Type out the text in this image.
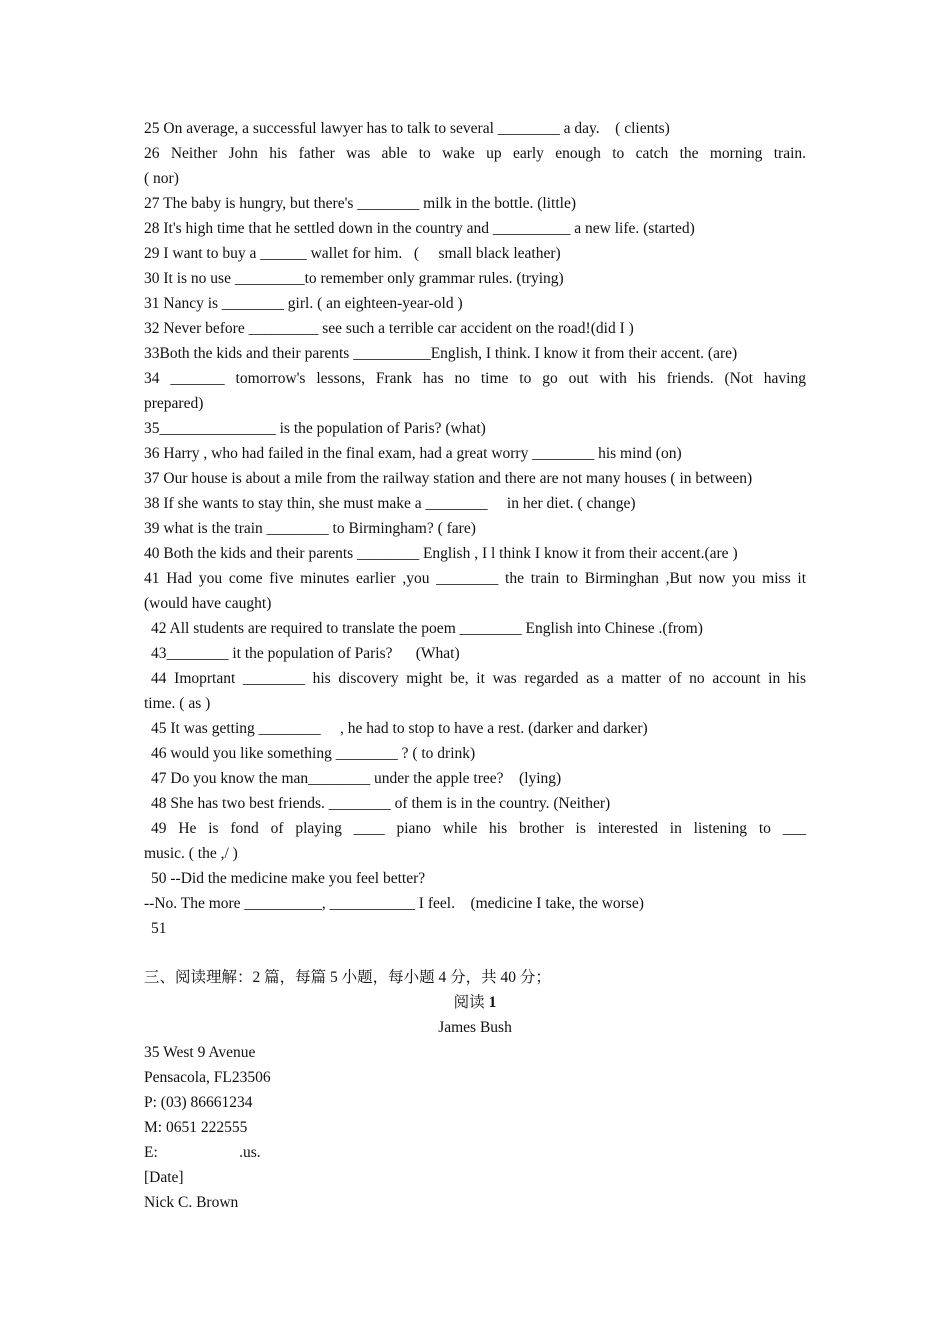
25 On average, a successful lawyer has to talk to several ________ a day.    ( clients)
26 Neither John his father was able to wake up early enough to catch the morning train.
( nor)
27 The baby is hungry, but there's ________ milk in the bottle. (little)
28 It's high time that he settled down in the country and __________ a new life. (started)
29 I want to buy a ______ wallet for him.   (     small black leather)
30 It is no use _________to remember only grammar rules. (trying)
31 Nancy is ________ girl. ( an eighteen-year-old )
32 Never before _________ see such a terrible car accident on the road!(did I )
33Both the kids and their parents __________English, I think. I know it from their accent. (are)
34 _______ tomorrow's lessons, Frank has no time to go out with his friends. (Not having
prepared)
35_______________ is the population of Paris? (what)
36 Harry , who had failed in the final exam, had a great worry ________ his mind (on)
37 Our house is about a mile from the railway station and there are not many houses ( in between)
38 If she wants to stay thin, she must make a ________     in her diet. ( change)
39 what is the train ________ to Birmingham? ( fare)
40 Both the kids and their parents ________ English , I l think I know it from their accent.(are )
41 Had you come five minutes earlier ,you ________ the train to Birminghan ,But now you miss it
(would have caught)
42 All students are required to translate the poem ________ English into Chinese .(from)
43________ it the population of Paris?      (What)
44 Imoprtant ________ his discovery might be, it was regarded as a matter of no account in his
time. ( as )
45 It was getting ________     , he had to stop to have a rest. (darker and darker)
46 would you like something ________ ? ( to drink)
47 Do you know the man________ under the apple tree?    (lying)
48 She has two best friends. ________ of them is in the country. (Neither)
49 He is fond of playing ____ piano while his brother is interested in listening to ___
music. ( the ,/ )
50 --Did the medicine make you feel better?
--No. The more __________, ___________ I feel.    (medicine I take, the worse)
51
三、阅读理解：2 篇，每篇 5 小题，每小题 4 分，共 40 分；
阅读 1
James Bush
35 West 9 Avenue
Pensacola, FL23506
P: (03) 86661234
M: 0651 222555
E:                     .us.
[Date]
Nick C. Brown
